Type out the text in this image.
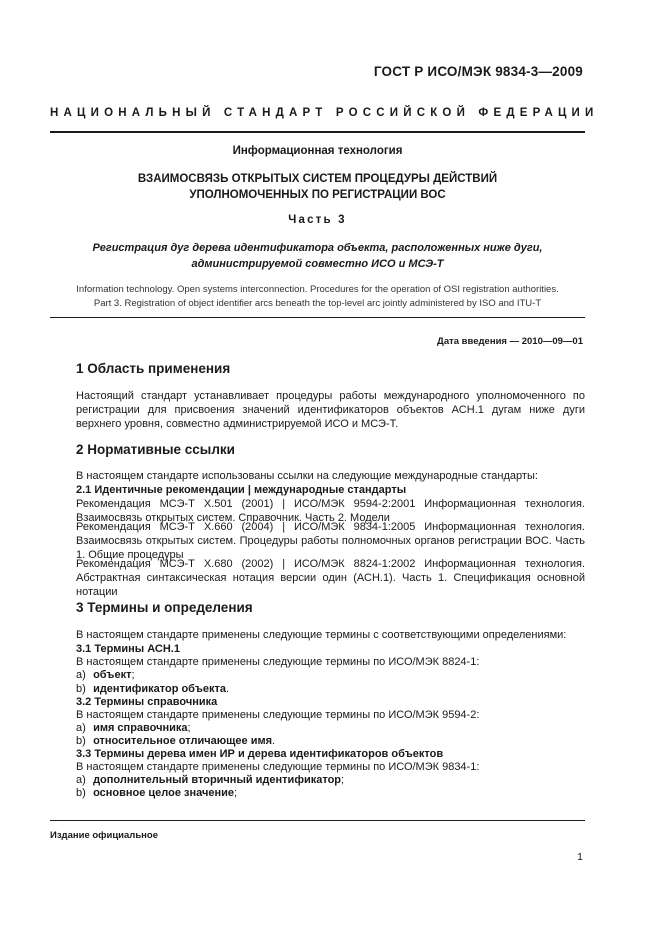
ГОСТ Р ИСО/МЭК 9834-3—2009
НАЦИОНАЛЬНЫЙ СТАНДАРТ РОССИЙСКОЙ ФЕДЕРАЦИИ
Информационная технология
ВЗАИМОСВЯЗЬ ОТКРЫТЫХ СИСТЕМ ПРОЦЕДУРЫ ДЕЙСТВИЙ
УПОЛНОМОЧЕННЫХ ПО РЕГИСТРАЦИИ ВОС
Часть 3
Регистрация дуг дерева идентификатора объекта, расположенных ниже дуги,
администрируемой совместно ИСО и МСЭ-Т
Information technology. Open systems interconnection. Procedures for the operation of OSI registration authorities.
Part 3. Registration of object identifier arcs beneath the top-level arc jointly administered by ISO and ITU-T
Дата введения — 2010—09—01
1 Область применения
Настоящий стандарт устанавливает процедуры работы международного уполномоченного по регистрации для присвоения значений идентификаторов объектов АСН.1 дугам ниже дуги верхнего уровня, совместно администрируемой ИСО и МСЭ-Т.
2 Нормативные ссылки
В настоящем стандарте использованы ссылки на следующие международные стандарты:
2.1 Идентичные рекомендации | международные стандарты
Рекомендация МСЭ-Т Х.501 (2001) | ИСО/МЭК 9594-2:2001 Информационная технология. Взаимосвязь открытых систем. Справочник. Часть 2. Модели
Рекомендация МСЭ-Т Х.660 (2004) | ИСО/МЭК 9834-1:2005 Информационная технология. Взаимосвязь открытых систем. Процедуры работы полномочных органов регистрации ВОС. Часть 1. Общие процедуры
Рекомендация МСЭ-Т Х.680 (2002) | ИСО/МЭК 8824-1:2002 Информационная технология. Абстрактная синтаксическая нотация версии один (АСН.1). Часть 1. Спецификация основной нотации
3 Термины и определения
В настоящем стандарте применены следующие термины с соответствующими определениями:
3.1 Термины АСН.1
В настоящем стандарте применены следующие термины по ИСО/МЭК 8824-1:
a) объект;
b) идентификатор объекта.
3.2 Термины справочника
В настоящем стандарте применены следующие термины по ИСО/МЭК 9594-2:
a) имя справочника;
b) относительное отличающее имя.
3.3 Термины дерева имен ИР и дерева идентификаторов объектов
В настоящем стандарте применены следующие термины по ИСО/МЭК 9834-1:
a) дополнительный вторичный идентификатор;
b) основное целое значение;
Издание официальное
1
